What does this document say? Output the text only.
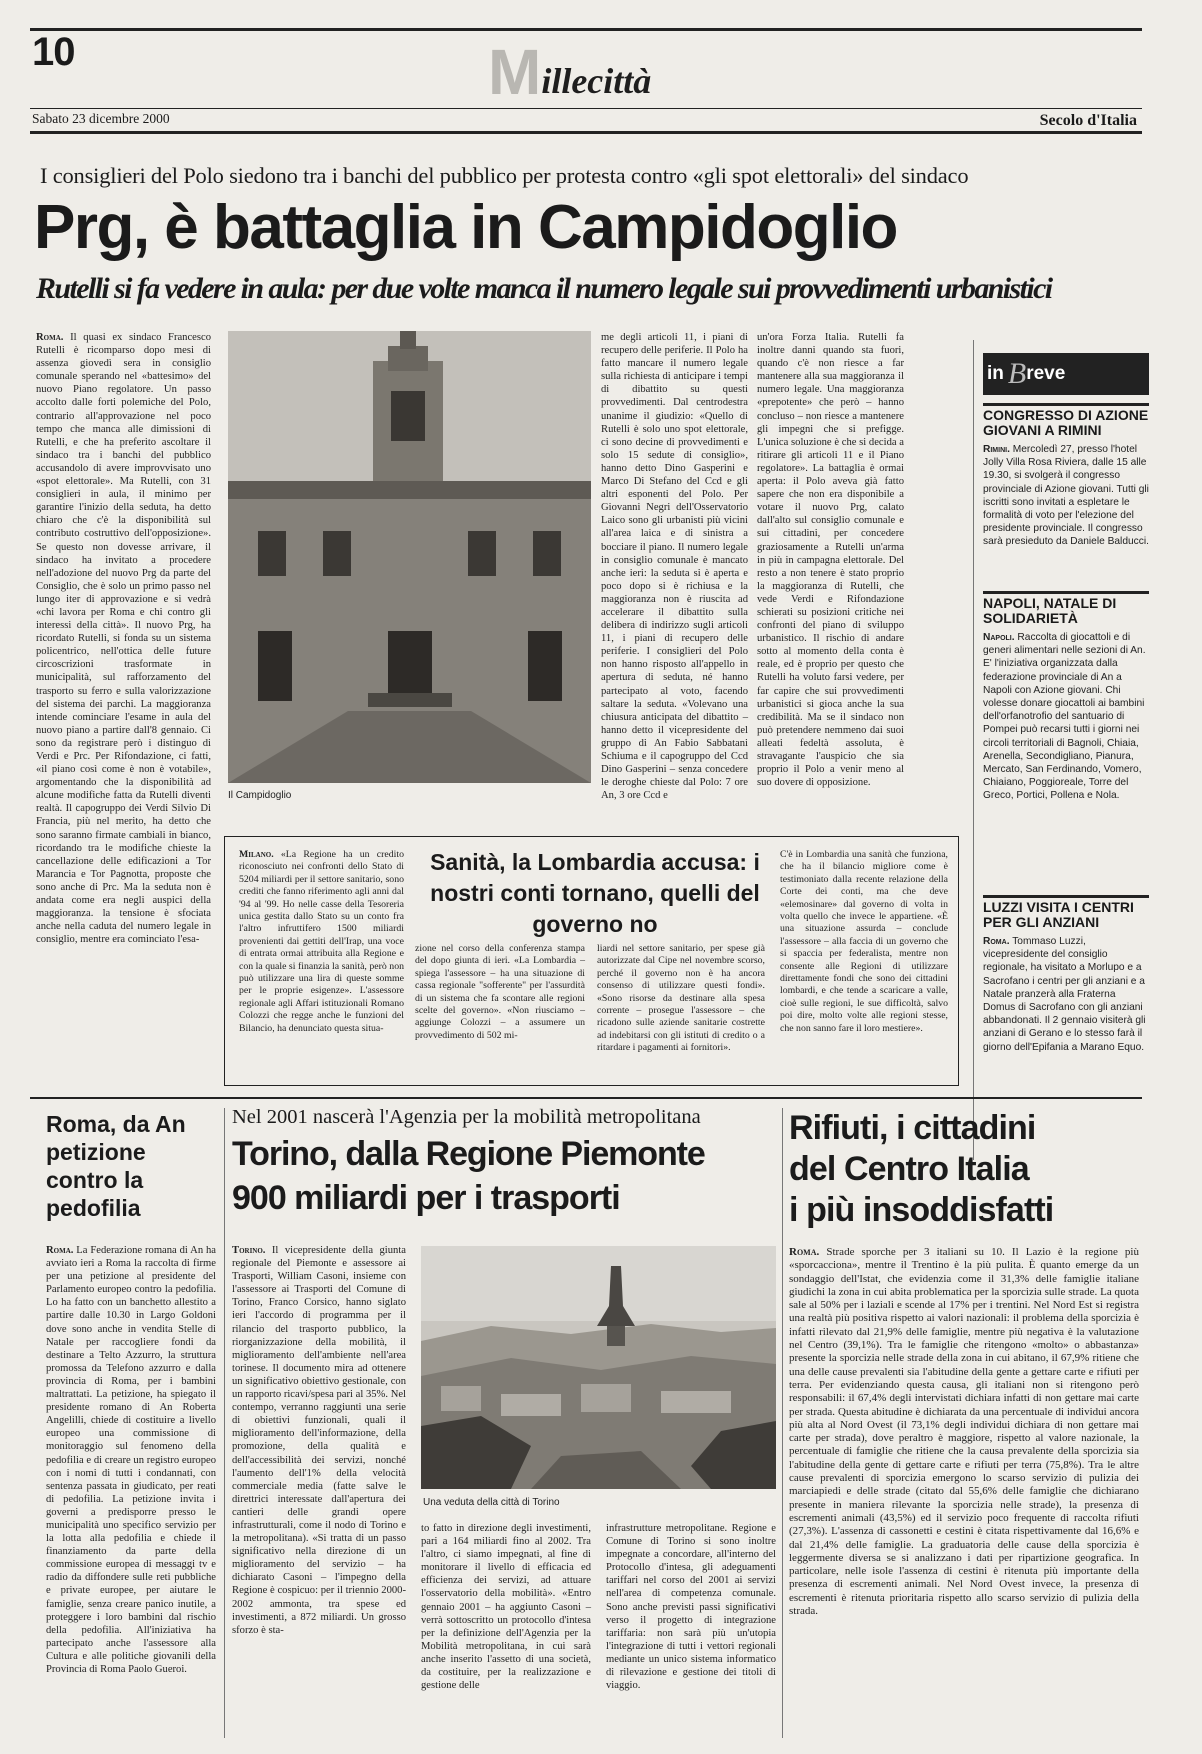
10	Millecittà
Sabato 23 dicembre 2000	Secolo d'Italia
I consiglieri del Polo siedono tra i banchi del pubblico per protesta contro «gli spot elettorali» del sindaco
Prg, è battaglia in Campidoglio
Rutelli si fa vedere in aula: per due volte manca il numero legale sui provvedimenti urbanistici

Roma. Il quasi ex sindaco Francesco Rutelli è ricomparso dopo mesi di assenza giovedì sera in consiglio comunale sperando nel «battesimo» del nuovo Piano regolatore. Un passo accolto dalle forti polemiche del Polo, contrario all'approvazione nel poco tempo che manca alle dimissioni di Rutelli, e che ha preferito ascoltare il sindaco tra i banchi del pubblico accusandolo di avere improvvisato uno «spot elettorale». Ma Rutelli, con 31 consiglieri in aula, il minimo per garantire l'inizio della seduta, ha detto chiaro che c'è la disponibilità sul contributo costruttivo dell'opposizione». Se questo non dovesse arrivare, il sindaco ha invitato a procedere nell'adozione del nuovo Prg da parte del Consiglio, che è solo un primo passo nel lungo iter di approvazione e si vedrà «chi lavora per Roma e chi contro gli interessi della città». Il nuovo Prg, ha ricordato Rutelli, si fonda su un sistema policentrico, nell'ottica delle future circoscrizioni trasformate in municipalità, sul rafforzamento del trasporto su ferro e sulla valorizzazione del sistema dei parchi. La maggioranza intende cominciare l'esame in aula del nuovo piano a partire dall'8 gennaio. Ci sono da registrare però i distinguo di Verdi e Prc. Per Rifondazione, ci fatti, «il piano così come è non è votabile», argomentando che la disponibilità ad alcune modifiche fatta da Rutelli diventi realtà. Il capogruppo dei Verdi Silvio Di Francia, più nel merito, ha detto che sono saranno firmate cambiali in bianco, ricordando tra le modifiche chieste la cancellazione delle edificazioni a Tor Marancia e Tor Pagnotta, proposte che sono anche di Prc. Ma la seduta non è andata come era negli auspici della maggioranza. la tensione è sfociata anche nella caduta del numero legale in consiglio, mentre era cominciato l'esa-

Il Campidoglio

me degli articoli 11, i piani di recupero delle periferie. Il Polo ha fatto mancare il numero legale sulla richiesta di anticipare i tempi di dibattito su questi provvedimenti. Dal centrodestra unanime il giudizio: «Quello di Rutelli è solo uno spot elettorale, ci sono decine di provvedimenti e solo 15 sedute di consiglio», hanno detto Dino Gasperini e Marco Di Stefano del Ccd e gli altri esponenti del Polo. Per Giovanni Negri dell'Osservatorio Laico sono gli urbanisti più vicini all'area laica e di sinistra a bocciare il piano. Il numero legale in consiglio comunale è mancato anche ieri: la seduta si è aperta e poco dopo si è richiusa e la maggioranza non è riuscita ad accelerare il dibattito sulla delibera di indirizzo sugli articoli 11, i piani di recupero delle periferie. I consiglieri del Polo non hanno risposto all'appello in apertura di seduta, né hanno partecipato al voto, facendo saltare la seduta. «Volevano una chiusura anticipata del dibattito – hanno detto il vicepresidente del gruppo di An Fabio Sabbatani Schiuma e il capogruppo del Ccd Dino Gasperini – senza concedere le deroghe chieste dal Polo: 7 ore An, 3 ore Ccd e

un'ora Forza Italia. Rutelli fa inoltre danni quando sta fuori, quando c'è non riesce a far mantenere alla sua maggioranza il numero legale. Una maggioranza «prepotente» che però – hanno concluso – non riesce a mantenere gli impegni che si prefigge. L'unica soluzione è che si decida a ritirare gli articoli 11 e il Piano regolatore». La battaglia è ormai aperta: il Polo aveva già fatto sapere che non era disponibile a votare il nuovo Prg, calato dall'alto sul consiglio comunale e sui cittadini, per concedere graziosamente a Rutelli un'arma in più in campagna elettorale. Del resto a non tenere è stato proprio la maggioranza di Rutelli, che vede Verdi e Rifondazione schierati su posizioni critiche nei confronti del piano di sviluppo urbanistico. Il rischio di andare sotto al momento della conta è reale, ed è proprio per questo che Rutelli ha voluto farsi vedere, per far capire che sui provvedimenti urbanistici si gioca anche la sua credibilità. Ma se il sindaco non può pretendere nemmeno dai suoi alleati fedeltà assoluta, è stravagante l'auspicio che sia proprio il Polo a venir meno al suo dovere di opposizione.

in B reve
CONGRESSO DI AZIONE GIOVANI A RIMINI
Rimini. Mercoledì 27, presso l'hotel Jolly Villa Rosa Riviera, dalle 15 alle 19.30, si svolgerà il congresso provinciale di Azione giovani. Tutti gli iscritti sono invitati a espletare le formalità di voto per l'elezione del presidente provinciale. Il congresso sarà presieduto da Daniele Balducci.
NAPOLI, NATALE DI SOLIDARIETÀ
Napoli. Raccolta di giocattoli e di generi alimentari nelle sezioni di An. E' l'iniziativa organizzata dalla federazione provinciale di An a Napoli con Azione giovani. Chi volesse donare giocattoli ai bambini dell'orfanotrofio del santuario di Pompei può recarsi tutti i giorni nei circoli territoriali di Bagnoli, Chiaia, Arenella, Secondigliano, Pianura, Mercato, San Ferdinando, Vomero, Chiaiano, Poggioreale, Torre del Greco, Portici, Pollena e Nola.
LUZZI VISITA I CENTRI PER GLI ANZIANI
Roma. Tommaso Luzzi, vicepresidente del consiglio regionale, ha visitato a Morlupo e a Sacrofano i centri per gli anziani e a Natale pranzerà alla Fraterna Domus di Sacrofano con gli anziani abbandonati. Il 2 gennaio visiterà gli anziani di Gerano e lo stesso farà il giorno dell'Epifania a Marano Equo.

Milano. «La Regione ha un credito riconosciuto nei confronti dello Stato di 5204 miliardi per il settore sanitario, sono crediti che fanno riferimento agli anni dal '94 al '99. Ho nelle casse della Tesoreria unica gestita dallo Stato su un conto fra l'altro infruttifero 1500 miliardi provenienti dai gettiti dell'Irap, una voce di entrata ormai attribuita alla Regione e con la quale si finanzia la sanità, però non può utilizzare una lira di queste somme per le proprie esigenze». L'assessore regionale agli Affari istituzionali Romano Colozzi che regge anche le funzioni del Bilancio, ha denunciato questa situa-

Sanità, la Lombardia accusa: i nostri conti tornano, quelli del governo no

zione nel corso della conferenza stampa del dopo giunta di ieri. «La Lombardia – spiega l'assessore – ha una situazione di cassa regionale "sofferente" per l'assurdità di un sistema che fa scontare alle regioni scelte del governo». «Non riusciamo – aggiunge Colozzi – a assumere un provvedimento di 502 mi-

liardi nel settore sanitario, per spese già autorizzate dal Cipe nel novembre scorso, perché il governo non è ha ancora consenso di utilizzare questi fondi». «Sono risorse da destinare alla spesa corrente – prosegue l'assessore – che ricadono sulle aziende sanitarie costrette ad indebitarsi con gli istituti di credito o a ritardare i pagamenti ai fornitori».

C'è in Lombardia una sanità che funziona, che ha il bilancio migliore come è testimoniato dalla recente relazione della Corte dei conti, ma che deve «elemosinare» dal governo di volta in volta quello che invece le appartiene. «È una situazione assurda – conclude l'assessore – alla faccia di un governo che si spaccia per federalista, mentre non consente alle Regioni di utilizzare direttamente fondi che sono dei cittadini lombardi, e che tende a scaricare a valle, cioè sulle regioni, le sue difficoltà, salvo poi dire, molto volte alle regioni stesse, che non sanno fare il loro mestiere».

Roma, da An petizione contro la pedofilia

Roma. La Federazione romana di An ha avviato ieri a Roma la raccolta di firme per una petizione al presidente del Parlamento europeo contro la pedofilia. Lo ha fatto con un banchetto allestito a partire dalle 10.30 in Largo Goldoni dove sono anche in vendita Stelle di Natale per raccogliere fondi da destinare a Telto Azzurro, la struttura promossa da Telefono azzurro e dalla provincia di Roma, per i bambini maltrattati. La petizione, ha spiegato il presidente romano di An Roberta Angelilli, chiede di costituire a livello europeo una commissione di monitoraggio sul fenomeno della pedofilia e di creare un registro europeo con i nomi di tutti i condannati, con sentenza passata in giudicato, per reati di pedofilia. La petizione invita i governi a predisporre presso le municipalità uno specifico servizio per la lotta alla pedofilia e chiede il finanziamento da parte della commissione europea di messaggi tv e radio da diffondere sulle reti pubbliche e private europee, per aiutare le famiglie, senza creare panico inutile, a proteggere i loro bambini dal rischio della pedofilia. All'iniziativa ha partecipato anche l'assessore alla Cultura e alle politiche giovanili della Provincia di Roma Paolo Gueroi.

Nel 2001 nascerà l'Agenzia per la mobilità metropolitana
Torino, dalla Regione Piemonte
900 miliardi per i trasporti

Torino. Il vicepresidente della giunta regionale del Piemonte e assessore ai Trasporti, William Casoni, insieme con l'assessore ai Trasporti del Comune di Torino, Franco Corsico, hanno siglato ieri l'accordo di programma per il rilancio del trasporto pubblico, la riorganizzazione della mobilità, il miglioramento dell'ambiente nell'area torinese. Il documento mira ad ottenere un significativo obiettivo gestionale, con un rapporto ricavi/spesa pari al 35%. Nel contempo, verranno raggiunti una serie di obiettivi funzionali, quali il miglioramento dell'informazione, della promozione, della qualità e dell'accessibilità dei servizi, nonché l'aumento dell'1% della velocità commerciale media (fatte salve le direttrici interessate dall'apertura dei cantieri delle grandi opere infrastrutturali, come il nodo di Torino e la metropolitana). «Si tratta di un passo significativo nella direzione di un miglioramento del servizio – ha dichiarato Casoni – l'impegno della Regione è cospicuo: per il triennio 2000-2002 ammonta, tra spese ed investimenti, a 872 miliardi. Un grosso sforzo è sta-

Una veduta della città di Torino

to fatto in direzione degli investimenti, pari a 164 miliardi fino al 2002. Tra l'altro, ci siamo impegnati, al fine di monitorare il livello di efficacia ed efficienza dei servizi, ad attuare l'osservatorio della mobilità». «Entro gennaio 2001 – ha aggiunto Casoni – verrà sottoscritto un protocollo d'intesa per la definizione dell'Agenzia per la Mobilità metropolitana, in cui sarà anche inserito l'assetto di una società, da costituire, per la realizzazione e gestione delle

infrastrutture metropolitane. Regione e Comune di Torino si sono inoltre impegnate a concordare, all'interno del Protocollo d'intesa, gli adeguamenti tariffari nel corso del 2001 ai servizi nell'area di competenza comunale. Sono anche previsti passi significativi verso il progetto di integrazione tariffaria: non sarà più un'utopia l'integrazione di tutti i vettori regionali mediante un unico sistema informatico di rilevazione e gestione dei titoli di viaggio.

Rifiuti, i cittadini
del Centro Italia
i più insoddisfatti

Roma. Strade sporche per 3 italiani su 10. Il Lazio è la regione più «sporcacciona», mentre il Trentino è la più pulita. È quanto emerge da un sondaggio dell'Istat, che evidenzia come il 31,3% delle famiglie italiane giudichi la zona in cui abita problematica per la sporcizia sulle strade. La quota sale al 50% per i laziali e scende al 17% per i trentini. Nel Nord Est si registra una realtà più positiva rispetto ai valori nazionali: il problema della sporcizia è infatti rilevato dal 21,9% delle famiglie, mentre più negativa è la valutazione nel Centro (39,1%). Tra le famiglie che ritengono «molto» o abbastanza» presente la sporcizia nelle strade della zona in cui abitano, il 67,9% ritiene che una delle cause prevalenti sia l'abitudine della gente a gettare carte e rifiuti per terra. Per evidenziando questa causa, gli italiani non si ritengono però responsabili: il 67,4% degli intervistati dichiara infatti di non gettare mai carte per strada. Questa abitudine è dichiarata da una percentuale di individui ancora più alta al Nord Ovest (il 73,1% degli individui dichiara di non gettare mai carte per strada), dove peraltro è maggiore, rispetto al valore nazionale, la percentuale di famiglie che ritiene che la causa prevalente della sporcizia sia l'abitudine della gente di gettare carte e rifiuti per terra (75,8%). Tra le altre cause prevalenti di sporcizia emergono lo scarso servizio di pulizia dei marciapiedi e delle strade (citato dal 55,6% delle famiglie che dichiarano presente in maniera rilevante la sporcizia nelle strade), la presenza di escrementi animali (43,5%) ed il servizio poco frequente di raccolta rifiuti (27,3%). L'assenza di cassonetti e cestini è citata rispettivamente dal 16,6% e dal 21,4% delle famiglie. La graduatoria delle cause della sporcizia è leggermente diversa se si analizzano i dati per ripartizione geografica. In particolare, nelle isole l'assenza di cestini è ritenuta più importante della presenza di escrementi animali. Nel Nord Ovest invece, la presenza di escrementi è ritenuta prioritaria rispetto allo scarso servizio di pulizia della strada.
